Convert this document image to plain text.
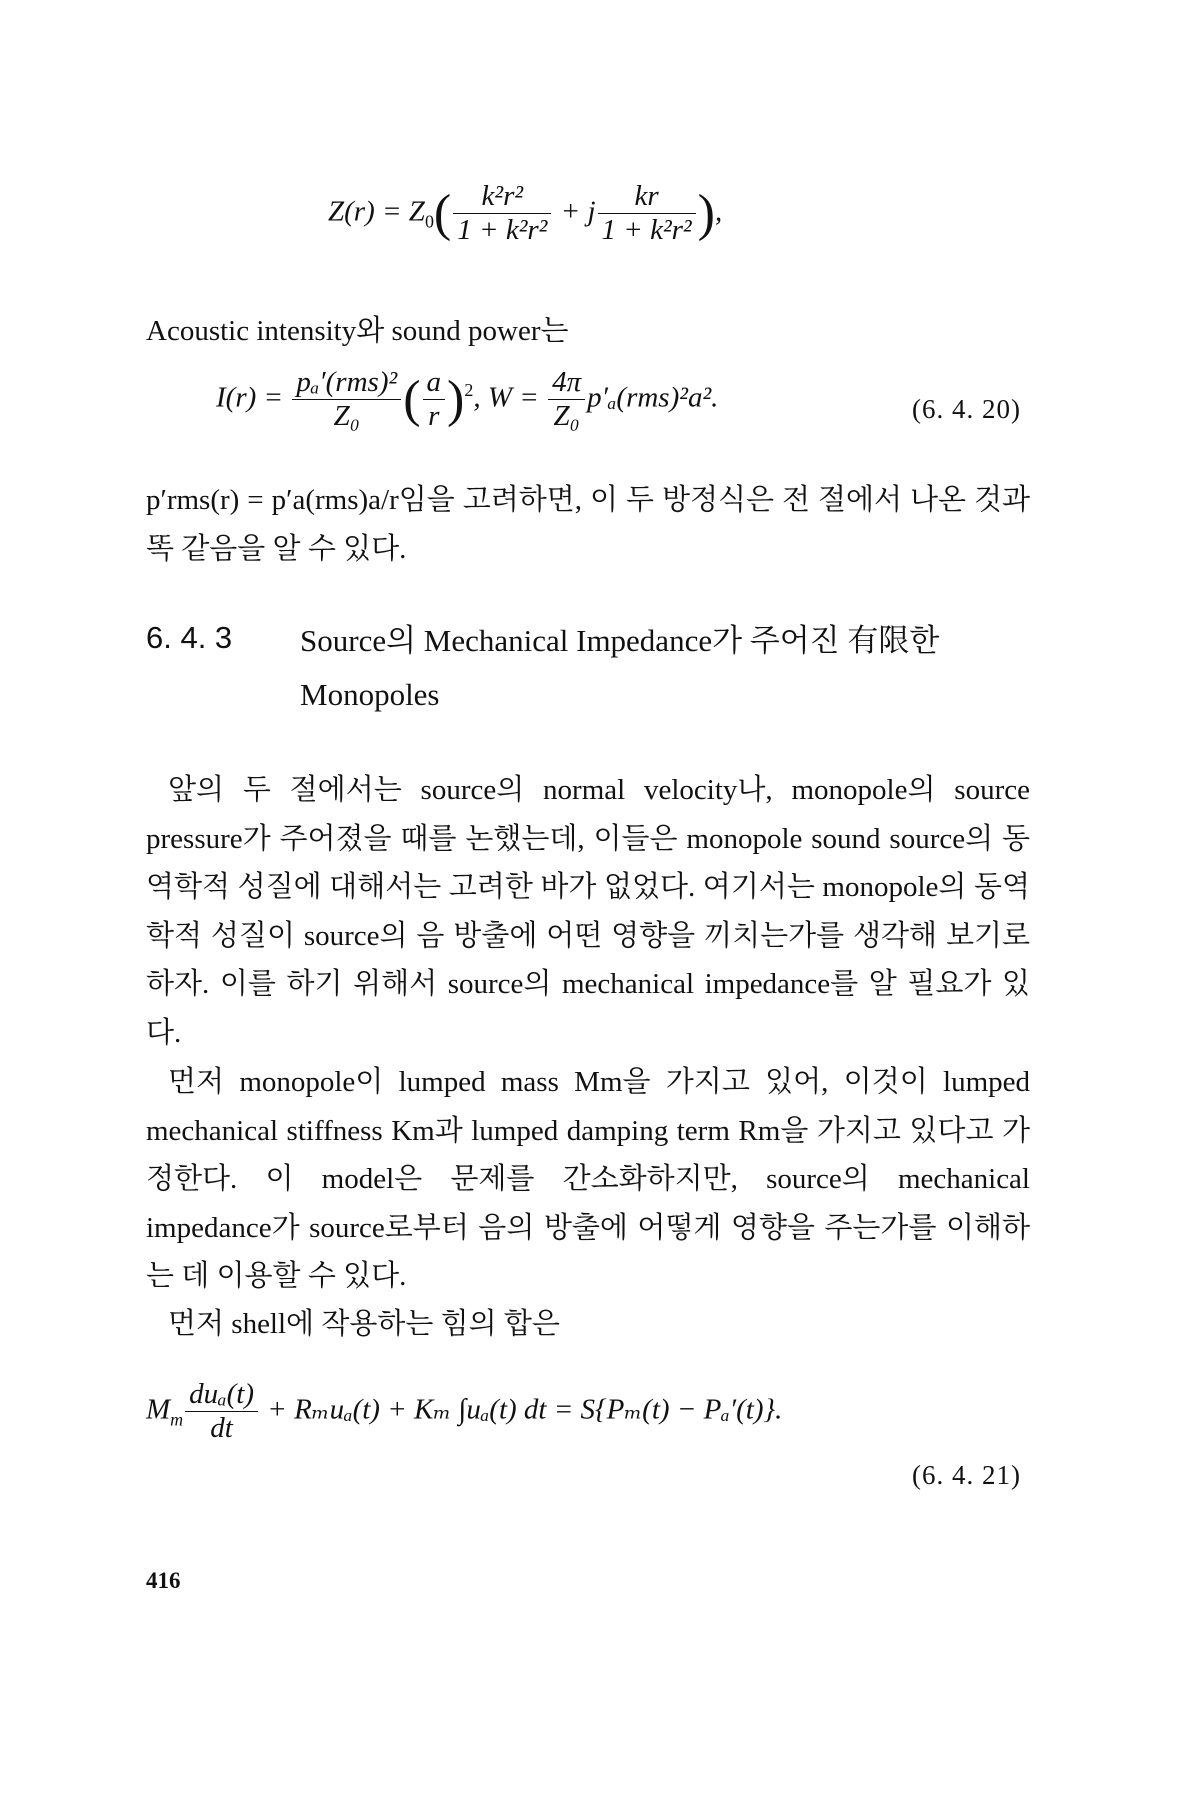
$Z(r) = Z_0( \frac{\text{k²r²}}{\text{1 + k²r²}} + j \frac{kr}{\text{1 + k²r²}}$ ),
Acoustic intensity와 sound power는
$I(r) = \frac{\text{pₐ′(rms)²}}{\text{Z₀}}$ ( $\frac{a}{r} )^2$, $W = \frac{4\pi}{\text{Z₀}} p'_a(rms)^2a^2$.	(6. 4. 20)
p′rms(r) = p′a(rms)a/r임을 고려하면, 이 두 방정식은 전 절에서 나온 것과 똑 같음을 알 수 있다.
6. 4. 3 Source의 Mechanical Impedance가 주어진 有限한 Monopoles
앞의 두 절에서는 source의 normal velocity나, monopole의 source pressure가 주어졌을 때를 논했는데, 이들은 monopole sound source의 동역학적 성질에 대해서는 고려한 바가 없었다. 여기서는 monopole의 동역학적 성질이 source의 음 방출에 어떤 영향을 끼치는가를 생각해 보기로 하자. 이를 하기 위해서 source의 mechanical impedance를 알 필요가 있다.
먼저 monopole이 lumped mass Mm을 가지고 있어, 이것이 lumped mechanical stiffness Km과 lumped damping term Rm을 가지고 있다고 가정한다. 이 model은 문제를 간소화하지만, source의 mechanical impedance가 source로부터 음의 방출에 어떻게 영향을 주는가를 이해하는 데 이용할 수 있다.
먼저 shell에 작용하는 힘의 합은
$M_m \frac{\text{duₐ(t)}}{dt} + R_mu_a(t) + K_m$ ∫uₐ(t) dt = S{Pₘ(t) − Pₐ′(t)}.
(6. 4. 21)
416
